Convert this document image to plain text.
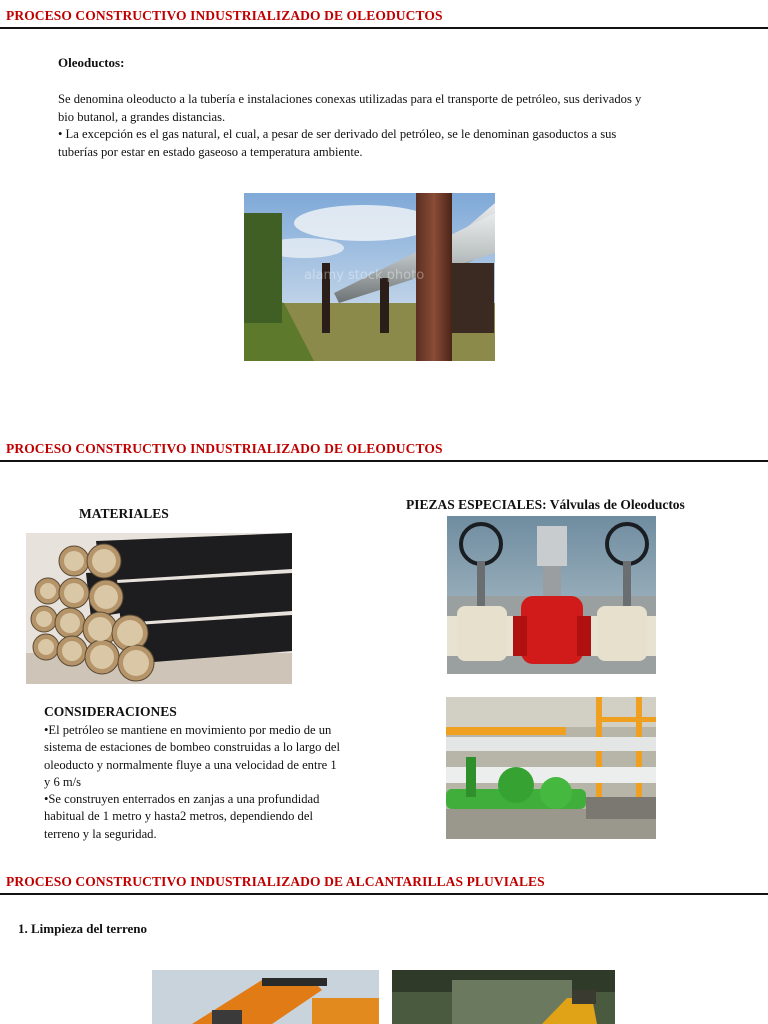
PROCESO CONSTRUCTIVO INDUSTRIALIZADO DE OLEODUCTOS
Oleoductos:
Se denomina oleoducto a la tubería e instalaciones conexas utilizadas para el transporte de petróleo, sus derivados y bio butanol, a grandes distancias.
• La excepción es el gas natural, el cual, a pesar de ser derivado del petróleo, se le denominan gasoductos a sus tuberías por estar en estado gaseoso a temperatura ambiente.
alamy stock photo
PROCESO CONSTRUCTIVO INDUSTRIALIZADO DE OLEODUCTOS
MATERIALES
PIEZAS ESPECIALES: Válvulas de Oleoductos
CONSIDERACIONES
•El petróleo se mantiene en movimiento por medio de un
sistema de estaciones de bombeo construidas a lo largo del
oleoducto y normalmente fluye a una velocidad de entre 1
y 6 m/s
•Se construyen enterrados en zanjas a una profundidad
habitual de 1 metro y hasta2 metros, dependiendo del
terreno y la seguridad.
PROCESO CONSTRUCTIVO INDUSTRIALIZADO DE ALCANTARILLAS PLUVIALES
1. Limpieza del terreno
